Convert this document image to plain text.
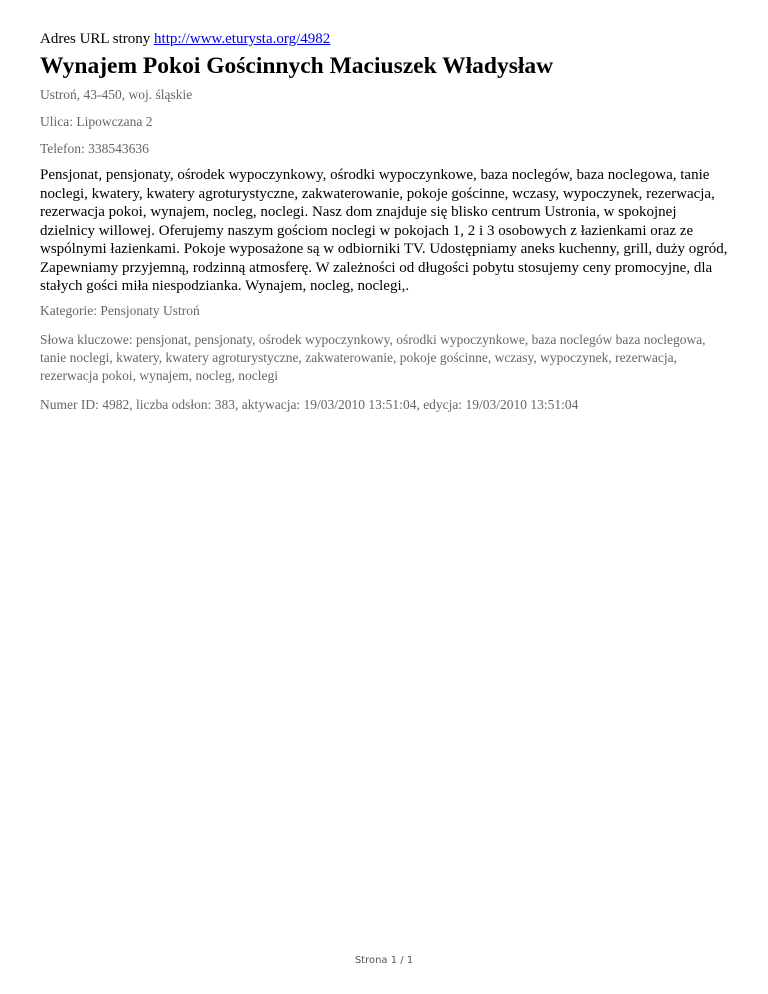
Adres URL strony http://www.eturysta.org/4982

Wynajem Pokoi Gościnnych Maciuszek Władysław

Ustroń, 43-450, woj. śląskie

Ulica: Lipowczana 2

Telefon: 338543636

Pensjonat, pensjonaty, ośrodek wypoczynkowy, ośrodki wypoczynkowe, baza noclegów, baza noclegowa, tanie noclegi, kwatery, kwatery agroturystyczne, zakwaterowanie, pokoje gościnne, wczasy, wypoczynek, rezerwacja, rezerwacja pokoi, wynajem, nocleg, noclegi. Nasz dom znajduje się blisko centrum Ustronia, w spokojnej dzielnicy willowej. Oferujemy naszym gościom noclegi w pokojach 1, 2 i 3 osobowych z łazienkami oraz ze wspólnymi łazienkami. Pokoje wyposażone są w odbiorniki TV. Udostępniamy aneks kuchenny, grill, duży ogród, Zapewniamy przyjemną, rodzinną atmosferę. W zależności od długości pobytu stosujemy ceny promocyjne, dla stałych gości miła niespodzianka. Wynajem, nocleg, noclegi,.

Kategorie: Pensjonaty Ustroń

Słowa kluczowe: pensjonat, pensjonaty, ośrodek wypoczynkowy, ośrodki wypoczynkowe, baza noclegów baza noclegowa, tanie noclegi, kwatery, kwatery agroturystyczne, zakwaterowanie, pokoje gościnne, wczasy, wypoczynek, rezerwacja, rezerwacja pokoi, wynajem, nocleg, noclegi

Numer ID: 4982, liczba odsłon: 383, aktywacja: 19/03/2010 13:51:04, edycja: 19/03/2010 13:51:04

Strona 1 / 1
